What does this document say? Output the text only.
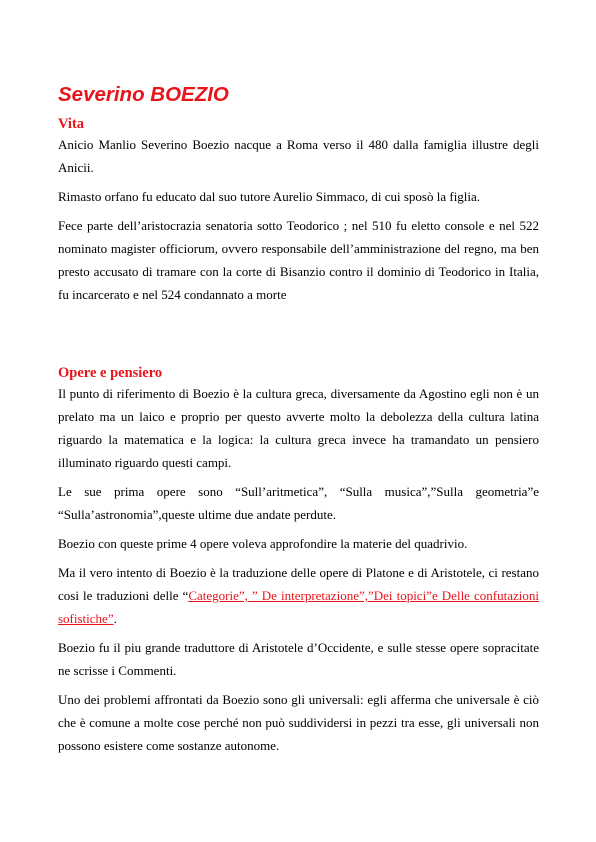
Severino BOEZIO
Vita

Anicio Manlio Severino Boezio nacque a Roma verso il 480 dalla famiglia illustre degli Anicii.

Rimasto orfano fu educato dal suo tutore Aurelio Simmaco, di cui sposò la figlia.

Fece parte dell’aristocrazia senatoria sotto Teodorico ; nel 510 fu eletto console e nel 522 nominato magister officiorum, ovvero responsabile dell’amministrazione del regno, ma ben presto accusato di tramare con la corte di Bisanzio contro il dominio di Teodorico in Italia, fu incarcerato e nel 524 condannato a morte

Opere e pensiero

Il punto di riferimento di Boezio è la cultura greca, diversamente da Agostino egli non è un prelato ma un laico e proprio per questo avverte molto la debolezza della cultura latina riguardo la matematica e la logica: la cultura greca invece ha tramandato un pensiero illuminato riguardo questi campi.

Le sue prima opere sono “Sull’aritmetica”, “Sulla musica”,”Sulla geometria”e “Sulla’astronomia”,queste ultime due andate perdute.

Boezio con queste prime 4 opere voleva approfondire la materie del quadrivio.

Ma il vero intento di Boezio è la traduzione delle opere di Platone e di Aristotele, ci restano cosi le traduzioni delle “Categorie”, ” De interpretazione”,”Dei topici”e Delle confutazioni sofistiche”.

Boezio fu il piu grande traduttore di Aristotele d’Occidente, e sulle stesse opere sopracitate ne scrisse i Commenti.

Uno dei problemi affrontati da Boezio sono gli universali: egli afferma che universale è ciò che è comune a molte cose perché non può suddividersi in pezzi tra esse, gli universali non possono esistere come sostanze autonome.
